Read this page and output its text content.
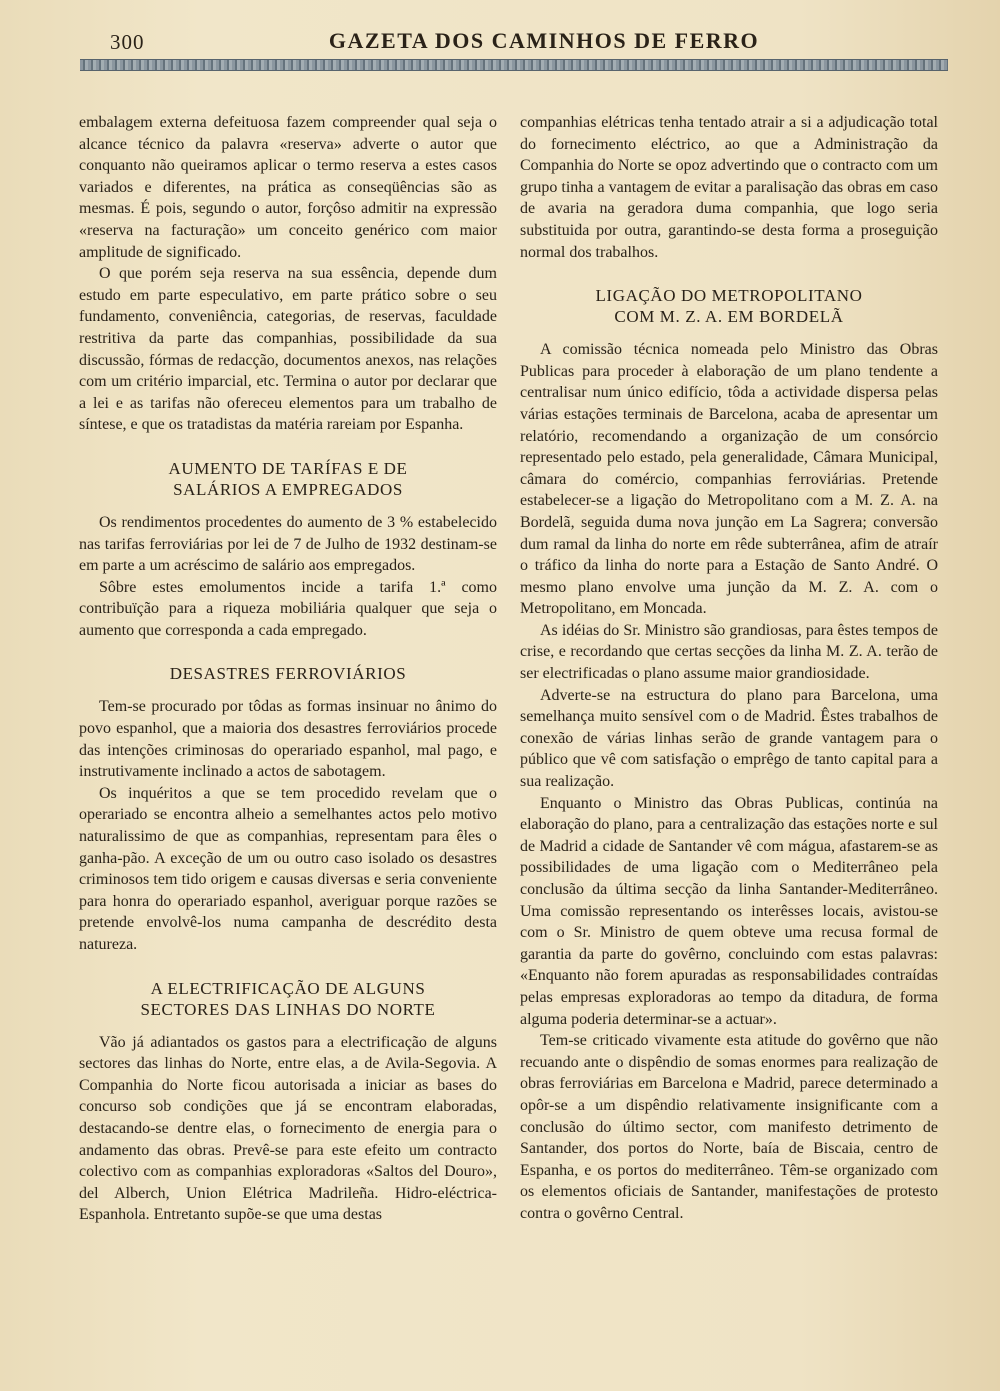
300	GAZETA DOS CAMINHOS DE FERRO

embalagem externa defeituosa fazem compreender qual seja o alcance técnico da palavra «reserva» adverte o autor que conquanto não queiramos aplicar o termo reserva a estes casos variados e diferentes, na prática as conseqüências são as mesmas. É pois, segundo o autor, forçôso admitir na expressão «reserva na facturação» um conceito genérico com maior amplitude de significado.

O que porém seja reserva na sua essência, depende dum estudo em parte especulativo, em parte prático sobre o seu fundamento, conveniência, categorias, de reservas, faculdade restritiva da parte das companhias, possibilidade da sua discussão, fórmas de redacção, documentos anexos, nas relações com um critério imparcial, etc. Termina o autor por declarar que a lei e as tarifas não ofereceu elementos para um trabalho de síntese, e que os tratadistas da matéria rareiam por Espanha.

AUMENTO DE TARÍFAS E DE
SALÁRIOS A EMPREGADOS

Os rendimentos procedentes do aumento de 3 % estabelecido nas tarifas ferroviárias por lei de 7 de Julho de 1932 destinam-se em parte a um acréscimo de salário aos empregados.

Sôbre estes emolumentos incide a tarifa 1.ª como contribuïção para a riqueza mobiliária qualquer que seja o aumento que corresponda a cada empregado.

DESASTRES FERROVIÁRIOS

Tem-se procurado por tôdas as formas insinuar no ânimo do povo espanhol, que a maioria dos desastres ferroviários procede das intenções criminosas do operariado espanhol, mal pago, e instrutivamente inclinado a actos de sabotagem.

Os inquéritos a que se tem procedido revelam que o operariado se encontra alheio a semelhantes actos pelo motivo naturalissimo de que as companhias, representam para êles o ganha-pão. A exceção de um ou outro caso isolado os desastres criminosos tem tido origem e causas diversas e seria conveniente para honra do operariado espanhol, averiguar porque razões se pretende envolvê-los numa campanha de descrédito desta natureza.

A ELECTRIFICAÇÃO DE ALGUNS
SECTORES DAS LINHAS DO NORTE

Vão já adiantados os gastos para a electrificação de alguns sectores das linhas do Norte, entre elas, a de Avila-Segovia. A Companhia do Norte ficou autorisada a iniciar as bases do concurso sob condições que já se encontram elaboradas, destacando-se dentre elas, o fornecimento de energia para o andamento das obras. Prevê-se para este efeito um contracto colectivo com as companhias exploradoras «Saltos del Douro», del Alberch, Union Elétrica Madrileña. Hidro-eléctrica-Espanhola. Entretanto supõe-se que uma destas

companhias elétricas tenha tentado atrair a si a adjudicação total do fornecimento eléctrico, ao que a Administração da Companhia do Norte se opoz advertindo que o contracto com um grupo tinha a vantagem de evitar a paralisação das obras em caso de avaria na geradora duma companhia, que logo seria substituida por outra, garantindo-se desta forma a proseguição normal dos trabalhos.

LIGAÇÃO DO METROPOLITANO
COM M. Z. A. EM BORDELÃ

A comissão técnica nomeada pelo Ministro das Obras Publicas para proceder à elaboração de um plano tendente a centralisar num único edifício, tôda a actividade dispersa pelas várias estações terminais de Barcelona, acaba de apresentar um relatório, recomendando a organização de um consórcio representado pelo estado, pela generalidade, Câmara Municipal, câmara do comércio, companhias ferroviárias. Pretende estabelecer-se a ligação do Metropolitano com a M. Z. A. na Bordelã, seguida duma nova junção em La Sagrera; conversão dum ramal da linha do norte em rêde subterrânea, afim de atraír o tráfico da linha do norte para a Estação de Santo André. O mesmo plano envolve uma junção da M. Z. A. com o Metropolitano, em Moncada.

As idéias do Sr. Ministro são grandiosas, para êstes tempos de crise, e recordando que certas secções da linha M. Z. A. terão de ser electrificadas o plano assume maior grandiosidade.

Adverte-se na estructura do plano para Barcelona, uma semelhança muito sensível com o de Madrid. Êstes trabalhos de conexão de várias linhas serão de grande vantagem para o público que vê com satisfação o emprêgo de tanto capital para a sua realização.

Enquanto o Ministro das Obras Publicas, continúa na elaboração do plano, para a centralização das estações norte e sul de Madrid a cidade de Santander vê com mágua, afastarem-se as possibilidades de uma ligação com o Mediterrâneo pela conclusão da última secção da linha Santander-Mediterrâneo. Uma comissão representando os interêsses locais, avistou-se com o Sr. Ministro de quem obteve uma recusa formal de garantia da parte do govêrno, concluindo com estas palavras: «Enquanto não forem apuradas as responsabilidades contraídas pelas empresas exploradoras ao tempo da ditadura, de forma alguma poderia determinar-se a actuar».

Tem-se criticado vivamente esta atitude do govêrno que não recuando ante o dispêndio de somas enormes para realização de obras ferroviárias em Barcelona e Madrid, parece determinado a opôr-se a um dispêndio relativamente insignificante com a conclusão do último sector, com manifesto detrimento de Santander, dos portos do Norte, baía de Biscaia, centro de Espanha, e os portos do mediterrâneo. Têm-se organizado com os elementos oficiais de Santander, manifestações de protesto contra o govêrno Central.
